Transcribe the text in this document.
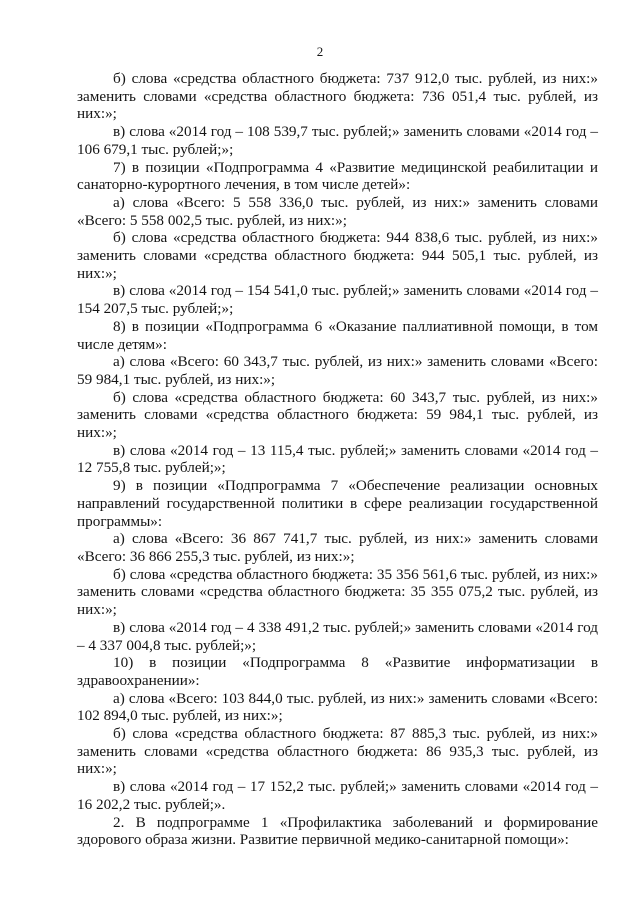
2

б) слова «средства областного бюджета: 737 912,0 тыс. рублей, из них:» заменить словами «средства областного бюджета: 736 051,4 тыс. рублей, из них:»;

в) слова «2014 год – 108 539,7 тыс. рублей;» заменить словами «2014 год – 106 679,1 тыс. рублей;»;

7) в позиции «Подпрограмма 4 «Развитие медицинской реабилитации и санаторно-курортного лечения, в том числе детей»:

а) слова «Всего: 5 558 336,0 тыс. рублей, из них:» заменить словами «Всего: 5 558 002,5 тыс. рублей, из них:»;

б) слова «средства областного бюджета: 944 838,6 тыс. рублей, из них:» заменить словами «средства областного бюджета: 944 505,1 тыс. рублей, из них:»;

в) слова «2014 год – 154 541,0 тыс. рублей;» заменить словами «2014 год – 154 207,5 тыс. рублей;»;

8) в позиции «Подпрограмма 6 «Оказание паллиативной помощи, в том числе детям»:

а) слова «Всего: 60 343,7 тыс. рублей, из них:» заменить словами «Всего: 59 984,1 тыс. рублей, из них:»;

б) слова «средства областного бюджета: 60 343,7 тыс. рублей, из них:» заменить словами «средства областного бюджета: 59 984,1 тыс. рублей, из них:»;

в) слова «2014 год – 13 115,4 тыс. рублей;» заменить словами «2014 год – 12 755,8 тыс. рублей;»;

9) в позиции «Подпрограмма 7 «Обеспечение реализации основных направлений государственной политики в сфере реализации государственной программы»:

а) слова «Всего: 36 867 741,7 тыс. рублей, из них:» заменить словами «Всего: 36 866 255,3 тыс. рублей, из них:»;

б) слова «средства областного бюджета: 35 356 561,6 тыс. рублей, из них:» заменить словами «средства областного бюджета: 35 355 075,2 тыс. рублей, из них:»;

в) слова «2014 год – 4 338 491,2 тыс. рублей;» заменить словами «2014 год – 4 337 004,8 тыс. рублей;»;

10) в позиции «Подпрограмма 8 «Развитие информатизации в здравоохранении»:

а) слова «Всего: 103 844,0 тыс. рублей, из них:» заменить словами «Всего: 102 894,0 тыс. рублей, из них:»;

б) слова «средства областного бюджета: 87 885,3 тыс. рублей, из них:» заменить словами «средства областного бюджета: 86 935,3 тыс. рублей, из них:»;

в) слова «2014 год – 17 152,2 тыс. рублей;» заменить словами «2014 год – 16 202,2 тыс. рублей;».

2. В подпрограмме 1 «Профилактика заболеваний и формирование здорового образа жизни. Развитие первичной медико-санитарной помощи»:
